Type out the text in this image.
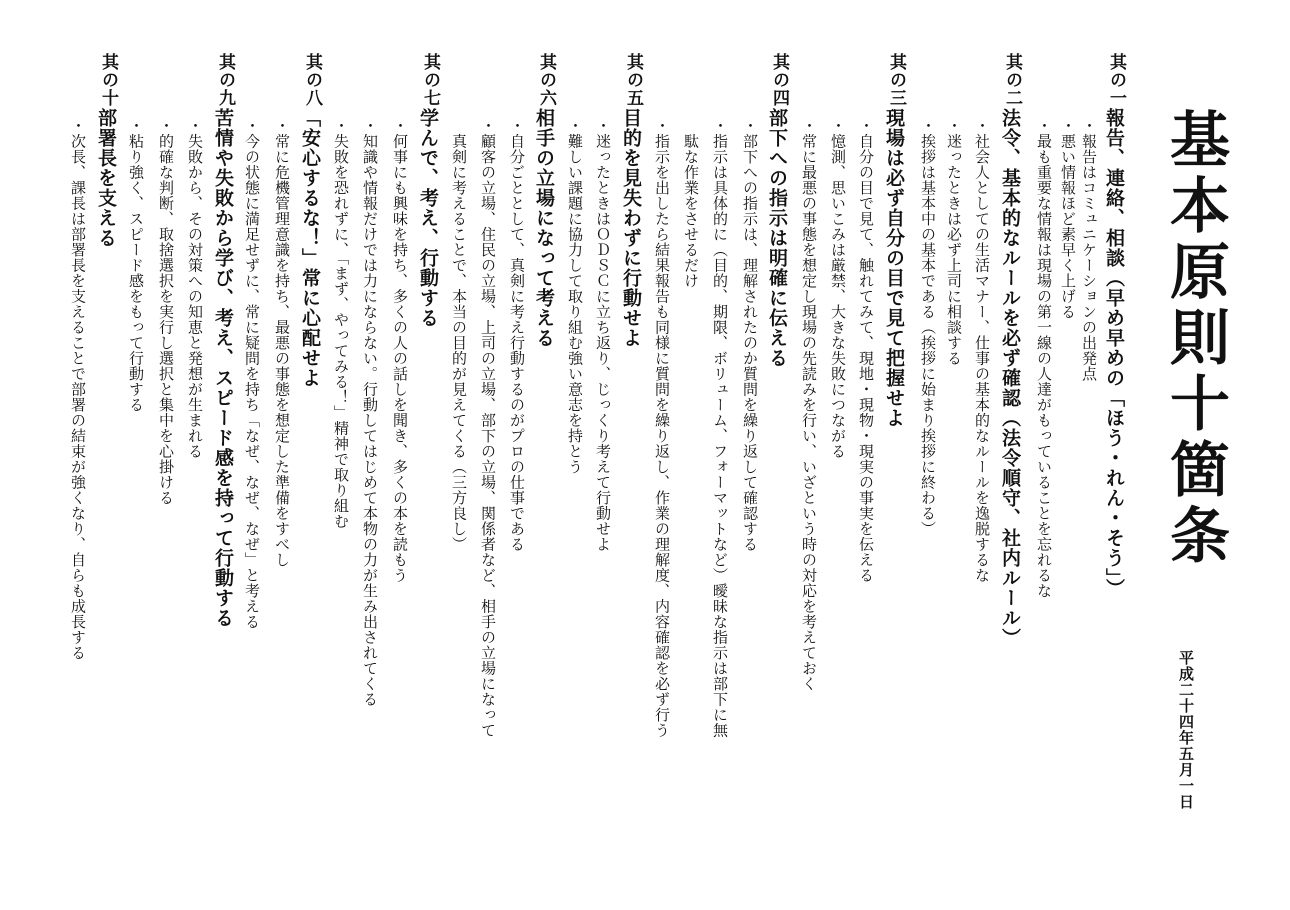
基本原則十箇条
平成二十四年五月一日
其の一
報告、連絡、相談（早め早めの「ほう・れん・そう」）
・報告はコミュニケーションの出発点
・悪い情報ほど素早く上げる
其の二
法令、基本的なルールを必ず確認（法令順守、社内ルール） ・最も重要な情報は現場の第一線の人達がもっていることを忘れるな
・社会人としての生活マナー、仕事の基本的なルールを逸脱するな
・迷ったときは必ず上司に相談する
其の三
現場は必ず自分の目で見て把握せよ ・挨拶は基本中の基本である（挨拶に始まり挨拶に終わる）
・自分の目で見て、触れてみて、現地・現物・現実の事実を伝える
・憶測、思いこみは厳禁、大きな失敗につながる
・常に最悪の事態を想定し現場の先読みを行い、いざという時の対応を考えておく
其の四
部下への指示は明確に伝える
・部下への指示は、理解されたのか質問を繰り返して確認する
・指示は具体的に（目的、期限、ボリューム、フォーマットなど）曖昧な指示は部下に無
　駄な作業をさせるだけ
其の五
目的を見失わずに行動せよ ・指示を出したら結果報告も同様に質問を繰り返し、作業の理解度、内容確認を必ず行う
・迷ったときはＯＤＳＣに立ち返り、じっくり考えて行動せよ
其の六
相手の立場になって考える ・難しい課題に協力して取り組む強い意志を持とう
・自分ごととして、真剣に考え行動するのがプロの仕事である
・顧客の立場、住民の立場、上司の立場、部下の立場、関係者など、相手の立場になって
　真剣に考えることで、本当の目的が見えてくる（三方良し）
其の七
学んで、考え、行動する
・何事にも興味を持ち、多くの人の話しを聞き、多くの本を読もう
・知識や情報だけでは力にならない。行動してはじめて本物の力が生み出されてくる
・失敗を恐れずに、「まず、やってみる！」精神で取り組む
其の八
「安心するな！」常に心配せよ
・常に危機管理意識を持ち、最悪の事態を想定した準備をすべし
・今の状態に満足せずに、常に疑問を持ち「なぜ、なぜ、なぜ」と考える
其の九
苦情や失敗から学び、考え、スピード感を持って行動する
・失敗から、その対策への知恵と発想が生まれる
・的確な判断、取捨選択を実行し選択と集中を心掛ける
・粘り強く、スピード感をもって行動する
其の十
部署長を支える
・次長、課長は部署長を支えることで部署の結束が強くなり、自らも成長する
